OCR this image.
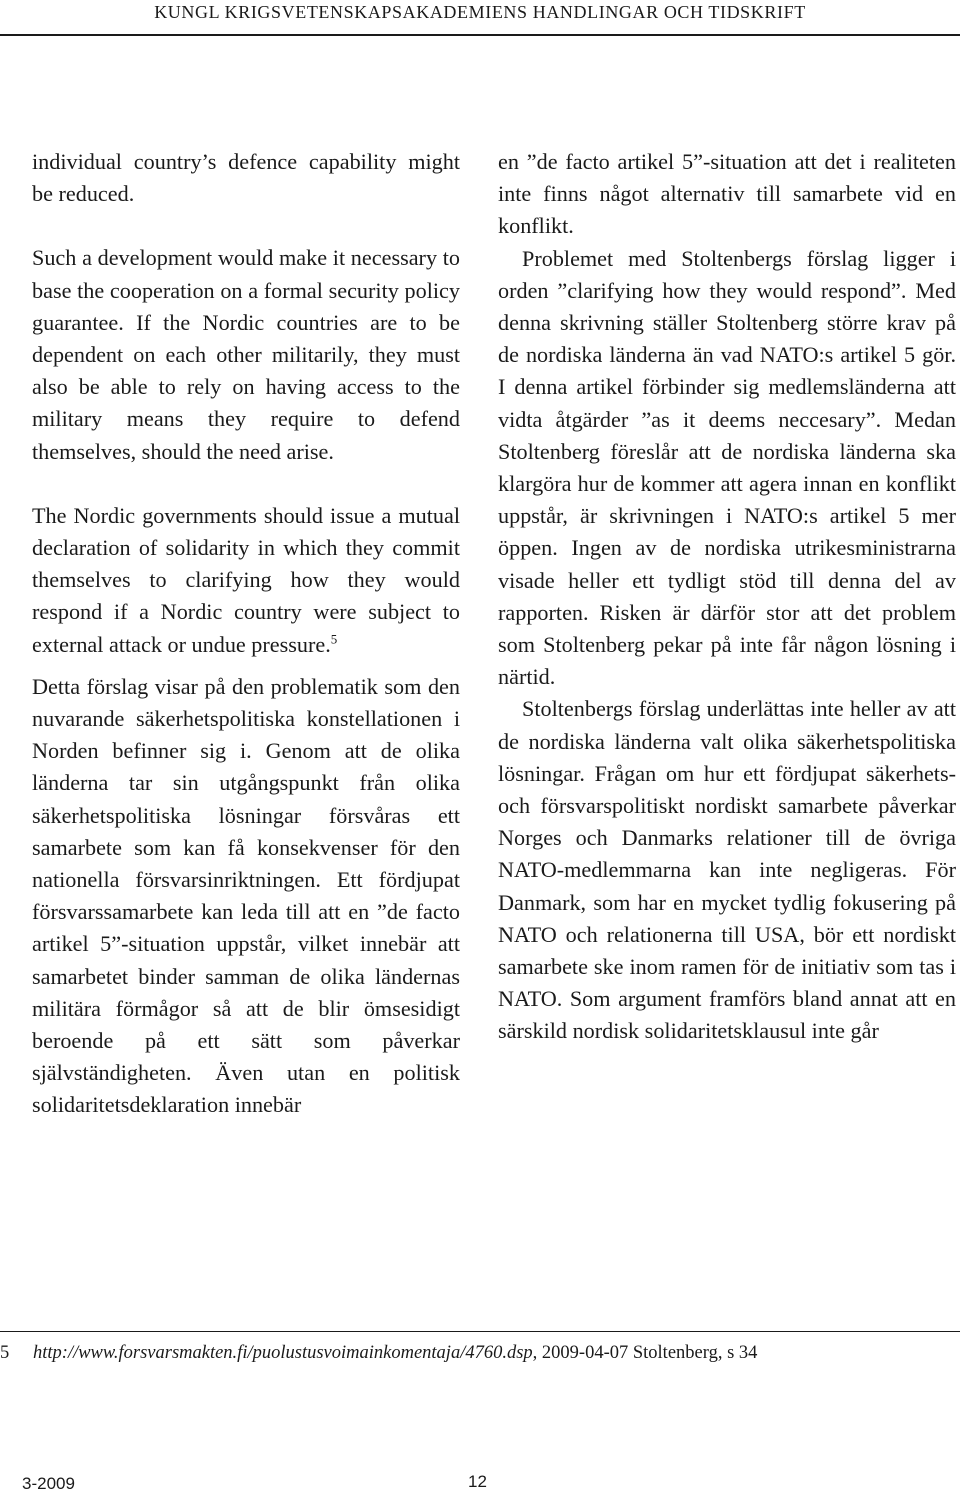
KUNGL KRIGSVETENSKAPSAKADEMIENS HANDLINGAR OCH TIDSKRIFT

individual country’s defence capability might be reduced.

Such a development would make it necessary to base the cooperation on a formal security policy guarantee. If the Nordic countries are to be dependent on each other militarily, they must also be able to rely on having access to the military means they require to defend themselves, should the need arise.

The Nordic governments should issue a mutual declaration of solidarity in which they commit themselves to clarifying how they would respond if a Nordic country were subject to external attack or undue pressure.$^5$

Detta förslag visar på den problematik som den nuvarande säkerhetspolitiska konstellationen i Norden befinner sig i. Genom att de olika länderna tar sin utgångspunkt från olika säkerhetspolitiska lösningar försvåras ett samarbete som kan få konsekvenser för den nationella försvarsinriktningen. Ett fördjupat försvarssamarbete kan leda till att en ”de facto artikel 5”-situation uppstår, vilket innebär att samarbetet binder samman de olika ländernas militära förmågor så att de blir ömsesidigt beroende på ett sätt som påverkar självständigheten. Även utan en politisk solidaritetsdeklaration innebär

en ”de facto artikel 5”-situation att det i realiteten inte finns något alternativ till samarbete vid en konflikt.

Problemet med Stoltenbergs förslag ligger i orden ”clarifying how they would respond”. Med denna skrivning ställer Stoltenberg större krav på de nordiska länderna än vad NATO:s artikel 5 gör. I denna artikel förbinder sig medlemsländerna att vidta åtgärder ”as it deems neccesary”. Medan Stoltenberg föreslår att de nordiska länderna ska klargöra hur de kommer att agera innan en konflikt uppstår, är skrivningen i NATO:s artikel 5 mer öppen. Ingen av de nordiska utrikesministrarna visade heller ett tydligt stöd till denna del av rapporten. Risken är därför stor att det problem som Stoltenberg pekar på inte får någon lösning i närtid.

Stoltenbergs förslag underlättas inte heller av att de nordiska länderna valt olika säkerhetspolitiska lösningar. Frågan om hur ett fördjupat säkerhets- och försvarspolitiskt nordiskt samarbete påverkar Norges och Danmarks relationer till de övriga NATO-medlemmarna kan inte negligeras. För Danmark, som har en mycket tydlig fokusering på NATO och relationerna till USA, bör ett nordiskt samarbete ske inom ramen för de initiativ som tas i NATO. Som argument framförs bland annat att en särskild nordisk solidaritetsklausul inte går

5 http://www.forsvarsmakten.fi/puolustusvoimainkomentaja/4760.dsp, 2009-04-07 Stoltenberg, s 34
3-2009	12
